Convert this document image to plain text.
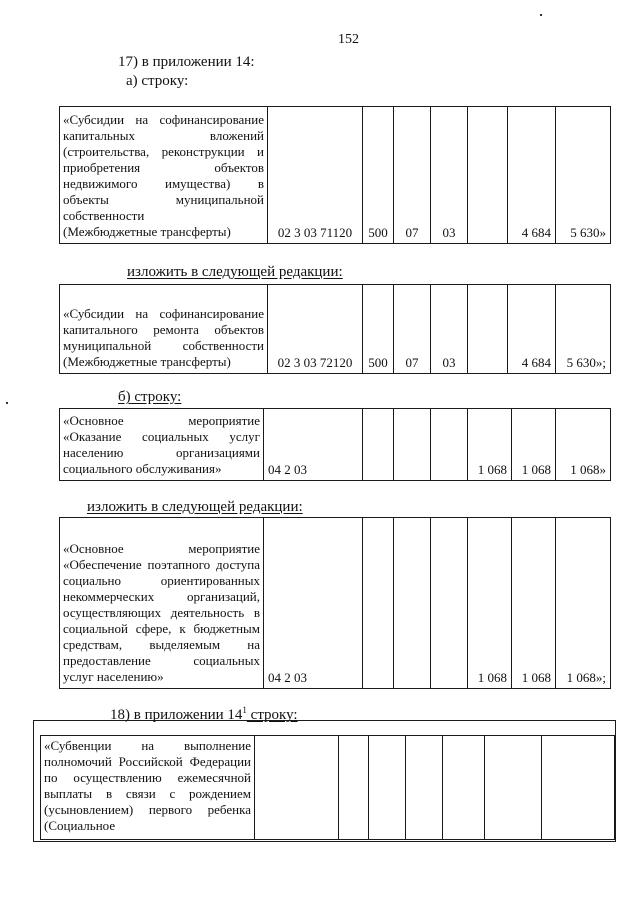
152
17) в приложении 14:
а) строку:
«Субсидии на софинансирование капитальных вложений (строительства, реконструкции и приобретения объектов недвижимого имущества) в объекты муниципальной собственности
(Межбюджетные трансферты)	02 3 03 71120	500	07	03		4 684	5 630»
изложить в следующей редакции:
«Субсидии на софинансирование капитального ремонта объектов муниципальной собственности
(Межбюджетные трансферты)	02 3 03 72120	500	07	03		4 684	5 630»;
б) строку:
«Основное мероприятие «Оказание социальных услуг населению организациями
социального обслуживания»	04 2 03				1 068	1 068	1 068»
изложить в следующей редакции:
«Основное мероприятие «Обеспечение поэтапного доступа социально ориентированных некоммерческих организаций, осуществляющих деятельность в социальной сфере, к бюджетным средствам, выделяемым на предоставление социальных
услуг населению»	04 2 03				1 068	1 068	1 068»;
18) в приложении $14^1$ строку:
«Субвенции на выполнение полномочий Российской Федерации по осуществлению ежемесячной выплаты в связи с рождением (усыновлением) первого ребенка (Социальное							
